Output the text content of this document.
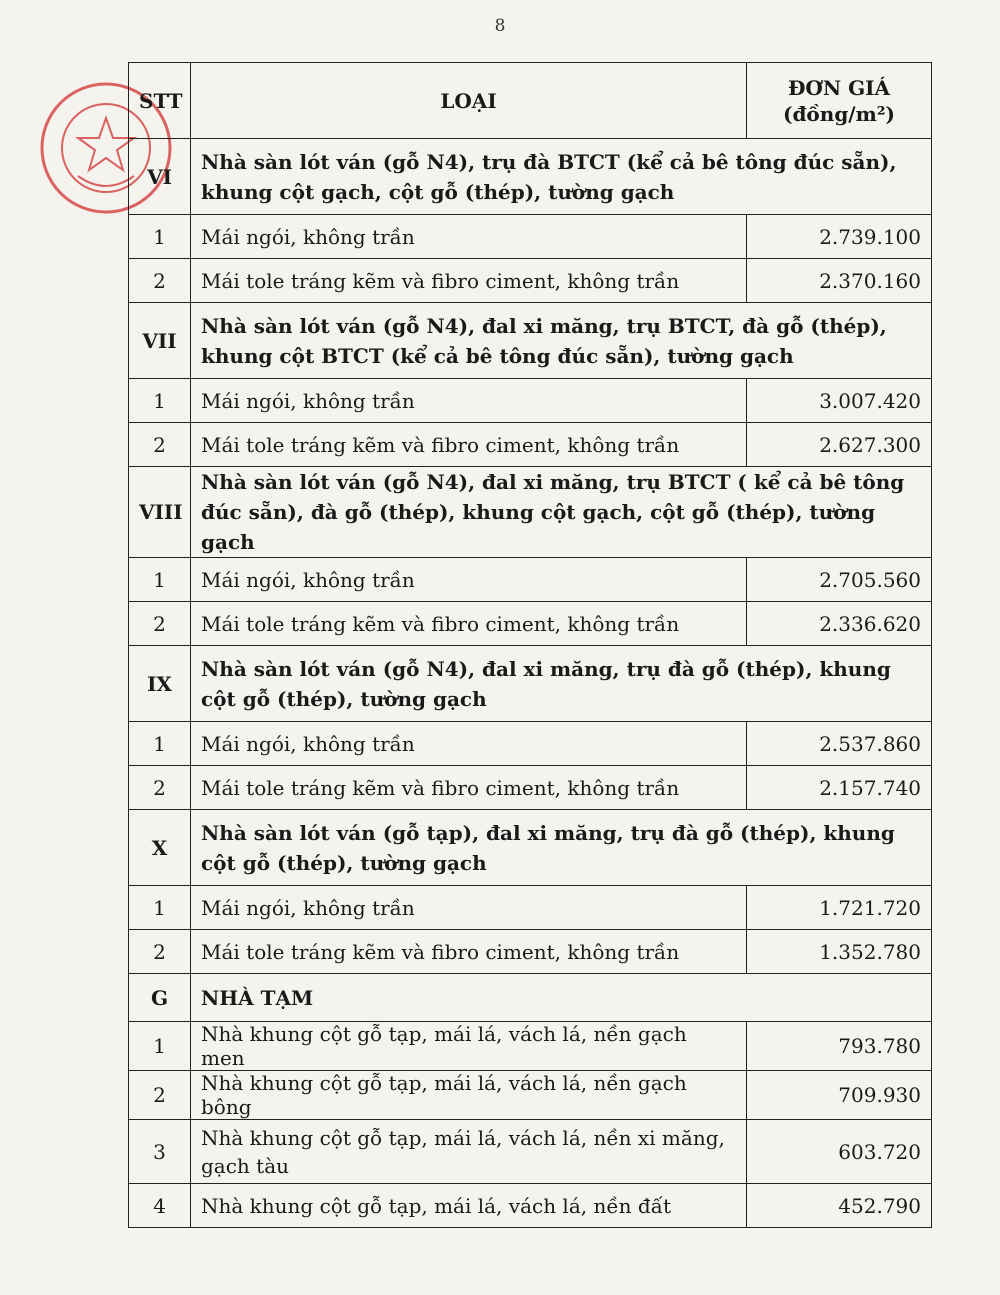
8
STT	LOẠI	ĐƠN GIÁ
(đồng/m²)

VI	Nhà sàn lót ván (gỗ N4), trụ đà BTCT (kể cả bê tông đúc sẵn), khung cột gạch, cột gỗ (thép), tường gạch	
1	Mái ngói, không trần	2.739.100
2	Mái tole tráng kẽm và fibro ciment, không trần	2.370.160
VII	Nhà sàn lót ván (gỗ N4), đal xi măng, trụ BTCT, đà gỗ (thép), khung cột BTCT (kể cả bê tông đúc sẵn), tường gạch	
1	Mái ngói, không trần	3.007.420
2	Mái tole tráng kẽm và fibro ciment, không trần	2.627.300
VIII	Nhà sàn lót ván (gỗ N4), đal xi măng, trụ BTCT ( kể cả bê tông đúc sẵn), đà gỗ (thép), khung cột gạch, cột gỗ (thép), tường gạch	
1	Mái ngói, không trần	2.705.560
2	Mái tole tráng kẽm và fibro ciment, không trần	2.336.620
IX	Nhà sàn lót ván (gỗ N4), đal xi măng, trụ đà gỗ (thép), khung cột gỗ (thép), tường gạch	
1	Mái ngói, không trần	2.537.860
2	Mái tole tráng kẽm và fibro ciment, không trần	2.157.740
X	Nhà sàn lót ván (gỗ tạp), đal xi măng, trụ đà gỗ (thép), khung cột gỗ (thép), tường gạch	
1	Mái ngói, không trần	1.721.720
2	Mái tole tráng kẽm và fibro ciment, không trần	1.352.780
G	NHÀ TẠM	
1	Nhà khung cột gỗ tạp, mái lá, vách lá, nền gạch men	793.780
2	Nhà khung cột gỗ tạp, mái lá, vách lá, nền gạch bông	709.930
3	Nhà khung cột gỗ tạp, mái lá, vách lá, nền xi măng, gạch tàu	603.720
4	Nhà khung cột gỗ tạp, mái lá, vách lá, nền đất	452.790
